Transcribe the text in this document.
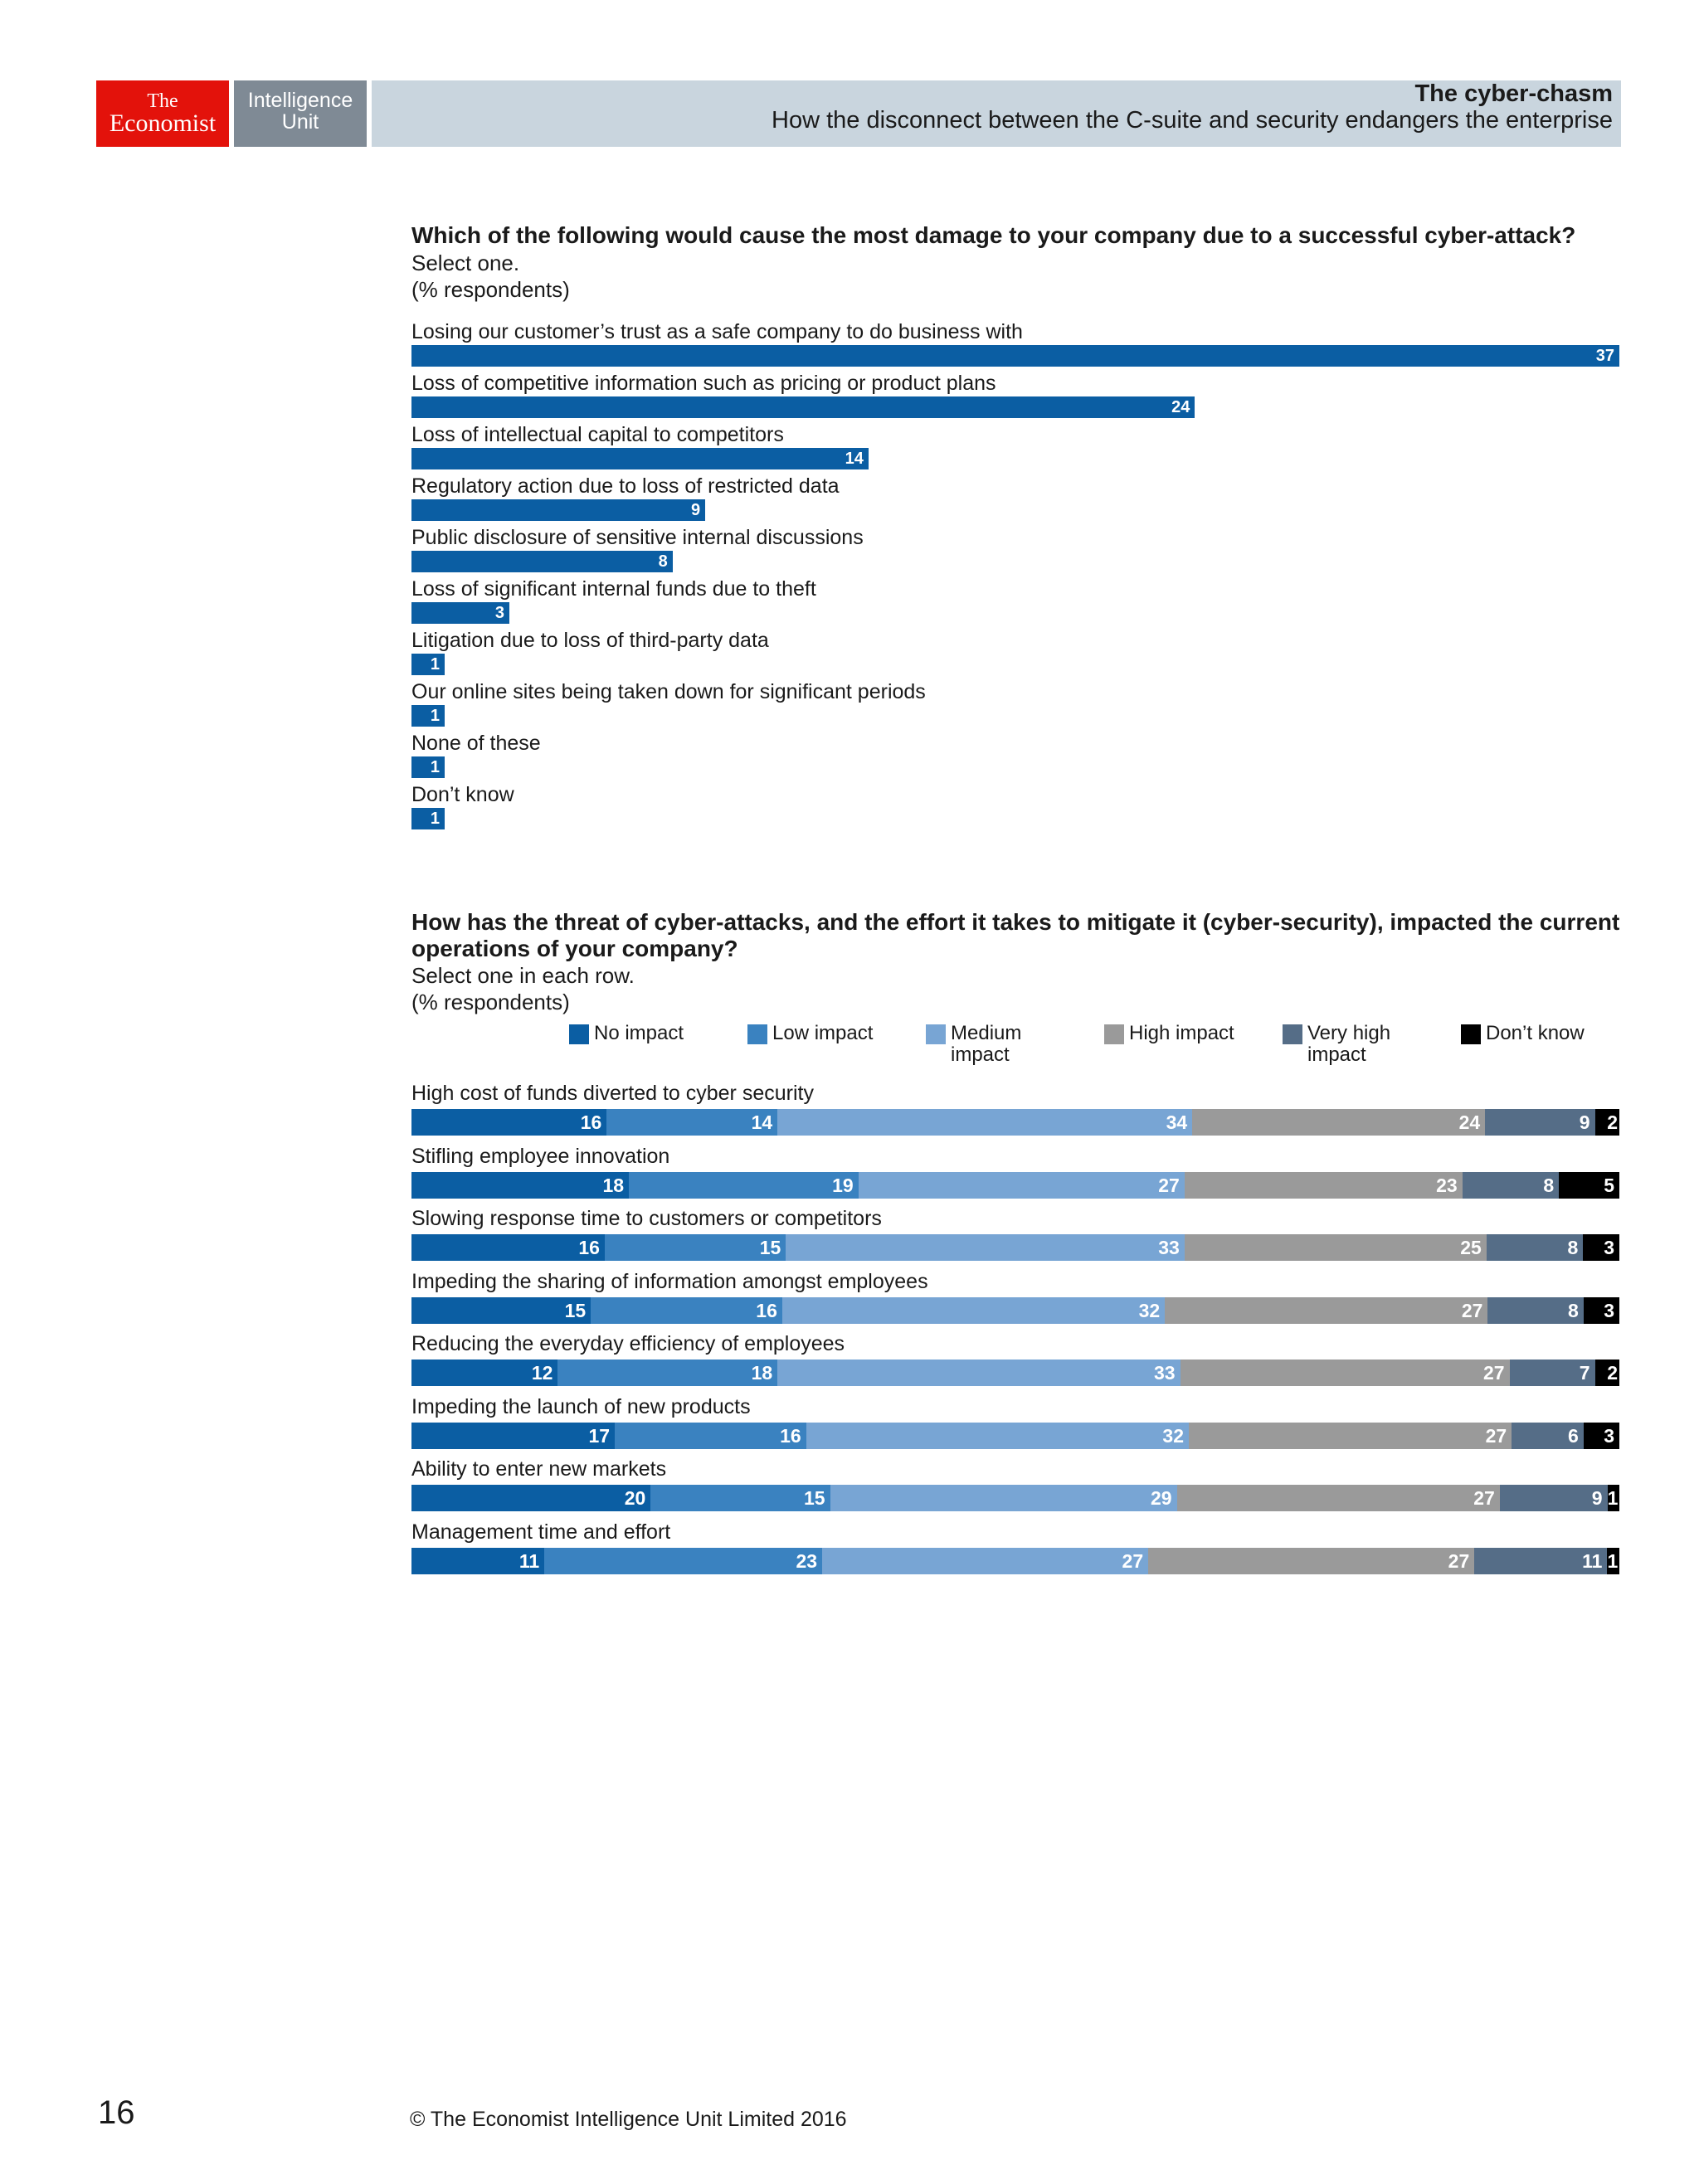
The
Economist
Intelligence
Unit
The cyber-chasm
How the disconnect between the C-suite and security endangers the enterprise
Which of the following would cause the most damage to your company due to a successful cyber-attack?
Select one.
(% respondents)
Losing our customer’s trust as a safe company to do business with
37
Loss of competitive information such as pricing or product plans
24
Loss of intellectual capital to competitors
14
Regulatory action due to loss of restricted data
9
Public disclosure of sensitive internal discussions
8
Loss of significant internal funds due to theft
3
Litigation due to loss of third-party data
1
Our online sites being taken down for significant periods
1
None of these
1
Don’t know
1
How has the threat of cyber-attacks, and the effort it takes to mitigate it (cyber-security), impacted the current operations of your company?
Select one in each row.
(% respondents)
No impact	Low impact	Medium impact
High impact	Very high impact
Don’t know
High cost of funds diverted to cyber security
16	14	34	24	9 2
Stifling employee innovation
18	19	27	23	8	5
Slowing response time to customers or competitors
16	15	33	25	8	3
Impeding the sharing of information amongst employees
15	16	32	27	8	3
Reducing the everyday efficiency of employees
12	18	33	27	7 2
Impeding the launch of new products
17	16	32	27	6	3
Ability to enter new markets
20	15	29	27	9 1
Management time and effort
11	23	27	27	11 1
16	© The Economist Intelligence Unit Limited 2016
